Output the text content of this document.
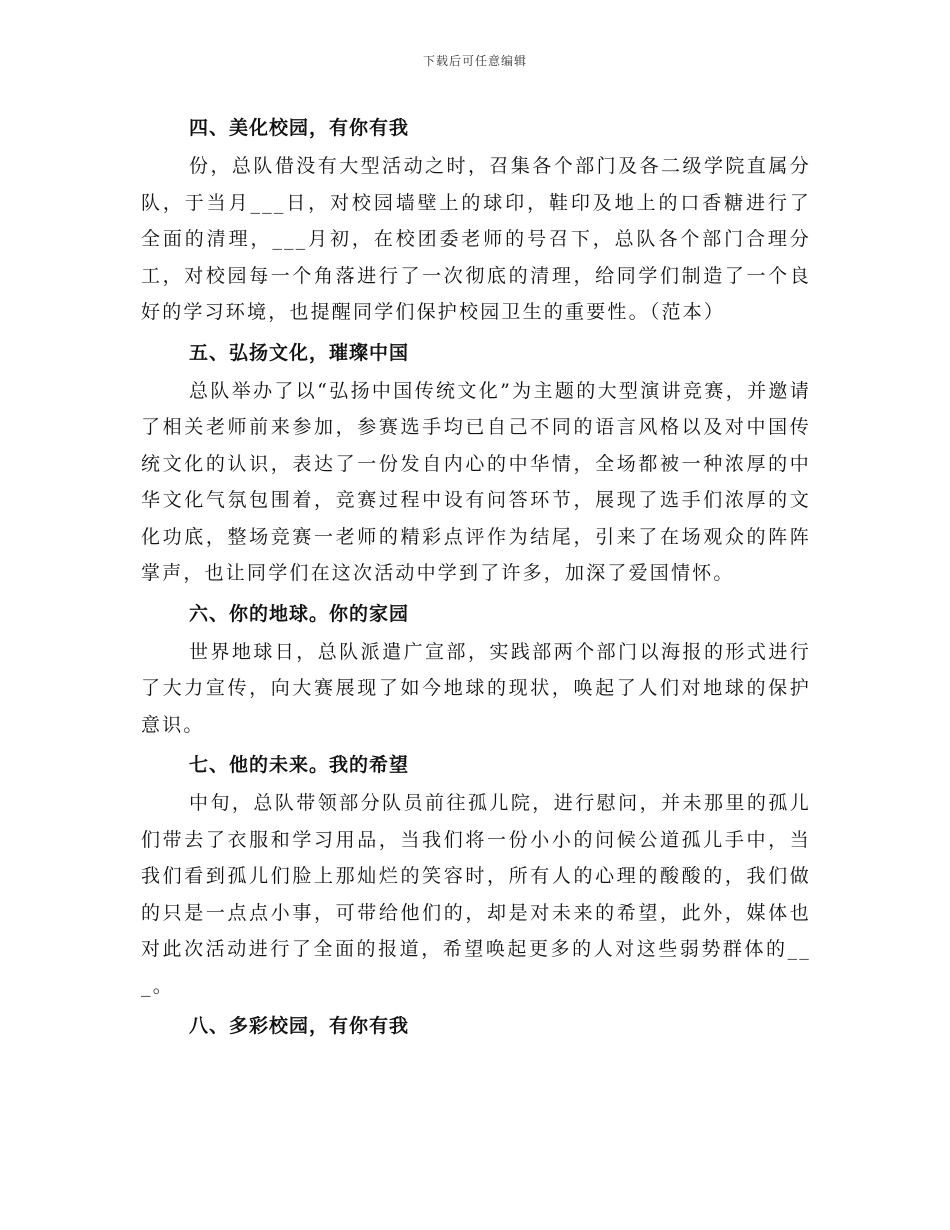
下载后可任意编辑
四、美化校园，有你有我

份，总队借没有大型活动之时，召集各个部门及各二级学院直属分队，于当月___日，对校园墙壁上的球印，鞋印及地上的口香糖进行了全面的清理，___月初，在校团委老师的号召下，总队各个部门合理分工，对校园每一个角落进行了一次彻底的清理，给同学们制造了一个良好的学习环境，也提醒同学们保护校园卫生的重要性。（范本）

五、弘扬文化，璀璨中国

总队举办了以“弘扬中国传统文化”为主题的大型演讲竞赛，并邀请了相关老师前来参加，参赛选手均已自己不同的语言风格以及对中国传统文化的认识，表达了一份发自内心的中华情，全场都被一种浓厚的中华文化气氛包围着，竞赛过程中设有问答环节，展现了选手们浓厚的文化功底，整场竞赛一老师的精彩点评作为结尾，引来了在场观众的阵阵掌声，也让同学们在这次活动中学到了许多，加深了爱国情怀。

六、你的地球。你的家园

世界地球日，总队派遣广宣部，实践部两个部门以海报的形式进行了大力宣传，向大赛展现了如今地球的现状，唤起了人们对地球的保护意识。

七、他的未来。我的希望

中旬，总队带领部分队员前往孤儿院，进行慰问，并未那里的孤儿们带去了衣服和学习用品，当我们将一份小小的问候公道孤儿手中，当我们看到孤儿们脸上那灿烂的笑容时，所有人的心理的酸酸的，我们做的只是一点点小事，可带给他们的，却是对未来的希望，此外，媒体也对此次活动进行了全面的报道，希望唤起更多的人对这些弱势群体的___。

八、多彩校园，有你有我
